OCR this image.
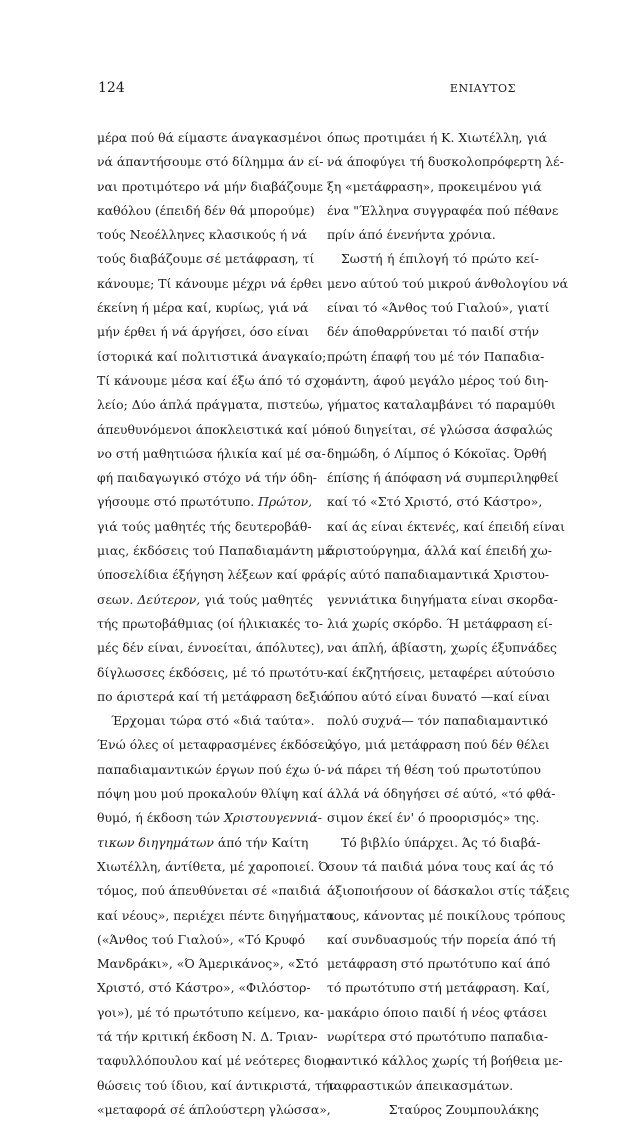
124	ΕΝΙΑΥΤΟΣ

μέρα πού θά είμαστε άναγκασμένοι
νά άπαντήσουμε στό δίλημμα άν εί-
ναι προτιμότερο νά μήν διαβάζουμε
καθόλου (έπειδή δέν θά μπορούμε)
τούς Νεοέλληνες κλασικούς ή νά
τούς διαβάζουμε σέ μετάφραση, τί
κάνουμε; Τί κάνουμε μέχρι νά έρθει
έκείνη ή μέρα καί, κυρίως, γιά νά
μήν έρθει ή νά άργήσει, όσο είναι
ίστορικά καί πολιτιστικά άναγκαίο;
Τί κάνουμε μέσα καί έξω άπό τό σχο-
λείο; Δύο άπλά πράγματα, πιστεύω,
άπευθυνόμενοι άποκλειστικά καί μό-
νο στή μαθητιώσα ήλικία καί μέ σα-
φή παιδαγωγικό στόχο νά τήν όδη-
γήσουμε στό πρωτότυπο. Πρώτον,
γιά τούς μαθητές τής δευτεροβάθ-
μιας, έκδόσεις τού Παπαδιαμάντη μέ
ύποσελίδια έξήγηση λέξεων καί φρά-
σεων. Δεύτερον, γιά τούς μαθητές
τής πρωτοβάθμιας (οί ήλικιακές το-
μές δέν είναι, έννοείται, άπόλυτες),
δίγλωσσες έκδόσεις, μέ τό πρωτότυ-
πο άριστερά καί τή μετάφραση δεξιά.

Έρχομαι τώρα στό «διά ταύτα».
Ένώ όλες οί μεταφρασμένες έκδόσεις
παπαδιαμαντικών έργων πού έχω ύ-
πόψη μου μού προκαλούν θλίψη καί
θυμό, ή έκδοση τών Χριστουγεννιά-
τικων διηγημάτων άπό τήν Καίτη
Χιωτέλλη, άντίθετα, μέ χαροποιεί. Ό
τόμος, πού άπευθύνεται σέ «παιδιά
καί νέους», περιέχει πέντε διηγήματα
(«Άνθος τού Γιαλού», «Τό Κρυφό
Μανδράκι», «Ό Άμερικάνος», «Στό
Χριστό, στό Κάστρο», «Φιλόστορ-
γοι»), μέ τό πρωτότυπο κείμενο, κα-
τά τήν κριτική έκδοση Ν. Δ. Τριαν-
ταφυλλόπουλου καί μέ νεότερες διορ-
θώσεις τού ίδιου, καί άντικριστά, τήν
«μεταφορά σέ άπλούστερη γλώσσα»,

όπως προτιμάει ή Κ. Χιωτέλλη, γιά
νά άποφύγει τή δυσκολοπρόφερτη λέ-
ξη «μετάφραση», προκειμένου γιά
ένα "Έλληνα συγγραφέα πού πέθανε
πρίν άπό ένενήντα χρόνια.

Σωστή ή έπιλογή τό πρώτο κεί-
μενο αύτού τού μικρού άνθολογίου νά
είναι τό «Άνθος τού Γιαλού», γιατί
δέν άποθαρρύνεται τό παιδί στήν
πρώτη έπαφή του μέ τόν Παπαδια-
μάντη, άφού μεγάλο μέρος τού διη-
γήματος καταλαμβάνει τό παραμύθι
πού διηγείται, σέ γλώσσα άσφαλώς
δημώδη, ό Λίμπος ό Κόκοϊας. Όρθή
έπίσης ή άπόφαση νά συμπεριληφθεί
καί τό «Στό Χριστό, στό Κάστρο»,
καί άς είναι έκτενές, καί έπειδή είναι
άριστούργημα, άλλά καί έπειδή χω-
ρίς αύτό παπαδιαμαντικά Χριστου-
γεννιάτικα διηγήματα είναι σκορδα-
λιά χωρίς σκόρδο. Ή μετάφραση εί-
ναι άπλή, άβίαστη, χωρίς έξυπνάδες
καί έκζητήσεις, μεταφέρει αύτούσιο
όπου αύτό είναι δυνατό —καί είναι
πολύ συχνά— τόν παπαδιαμαντικό
λόγο, μιά μετάφραση πού δέν θέλει
νά πάρει τή θέση τού πρωτοτύπου
άλλά νά όδηγήσει σέ αύτό, «τό φθά-
σιμον έκεί έν' ό προορισμός» της.

Τό βιβλίο ύπάρχει. Άς τό διαβά-
σουν τά παιδιά μόνα τους καί άς τό
άξιοποιήσουν οί δάσκαλοι στίς τάξεις
τους, κάνοντας μέ ποικίλους τρόπους
καί συνδυασμούς τήν πορεία άπό τή
μετάφραση στό πρωτότυπο καί άπό
τό πρωτότυπο στή μετάφραση. Καί,
μακάριο όποιο παιδί ή νέος φτάσει
νωρίτερα στό πρωτότυπο παπαδια-
μαντικό κάλλος χωρίς τή βοήθεια με-
ταφραστικών άπεικασμάτων.

Σταύρος Ζουμπουλάκης
